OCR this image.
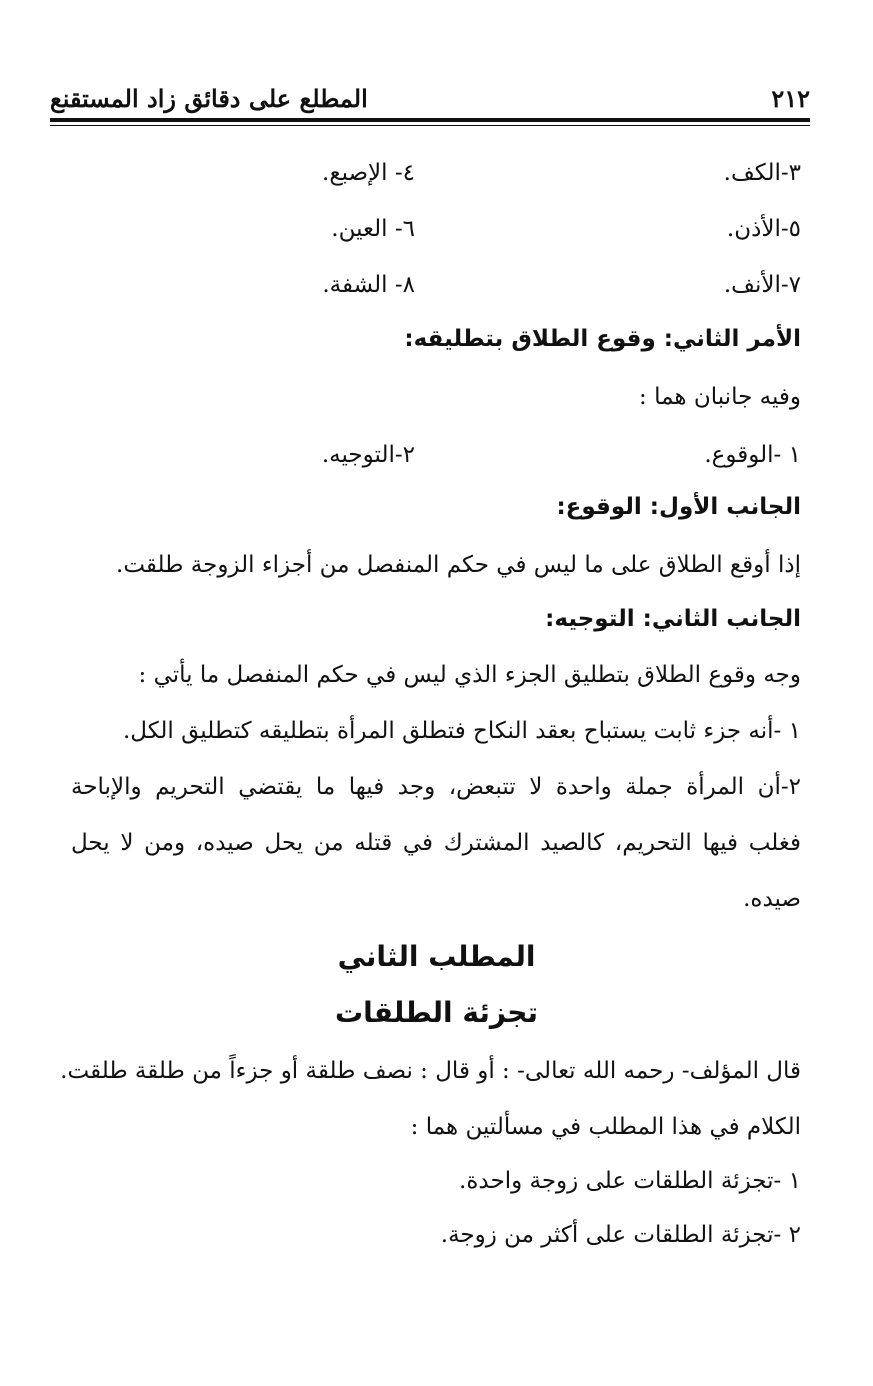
٢١٢
المطلع على دقائق زاد المستقنع
٣-الكف.
٤- الإصبع.
٥-الأذن.
٦- العين.
٧-الأنف.
٨- الشفة.
الأمر الثاني: وقوع الطلاق بتطليقه:
وفيه جانبان هما :
١ -الوقوع.
٢-التوجيه.
الجانب الأول: الوقوع:
إذا أوقع الطلاق على ما ليس في حكم المنفصل من أجزاء الزوجة طلقت.
الجانب الثاني: التوجيه:
وجه وقوع الطلاق بتطليق الجزء الذي ليس في حكم المنفصل ما يأتي :
١ -أنه جزء ثابت يستباح بعقد النكاح فتطلق المرأة بتطليقه كتطليق الكل.
٢-أن المرأة جملة واحدة لا تتبعض، وجد فيها ما يقتضي التحريم والإباحة
فغلب فيها التحريم، كالصيد المشترك في قتله من يحل صيده، ومن لا يحل
صيده.
المطلب الثاني
تجزئة الطلقات
قال المؤلف- رحمه الله تعالى- : أو قال : نصف طلقة أو جزءاً من طلقة طلقت.
الكلام في هذا المطلب في مسألتين هما :
١ -تجزئة الطلقات على زوجة واحدة.
٢ -تجزئة الطلقات على أكثر من زوجة.
